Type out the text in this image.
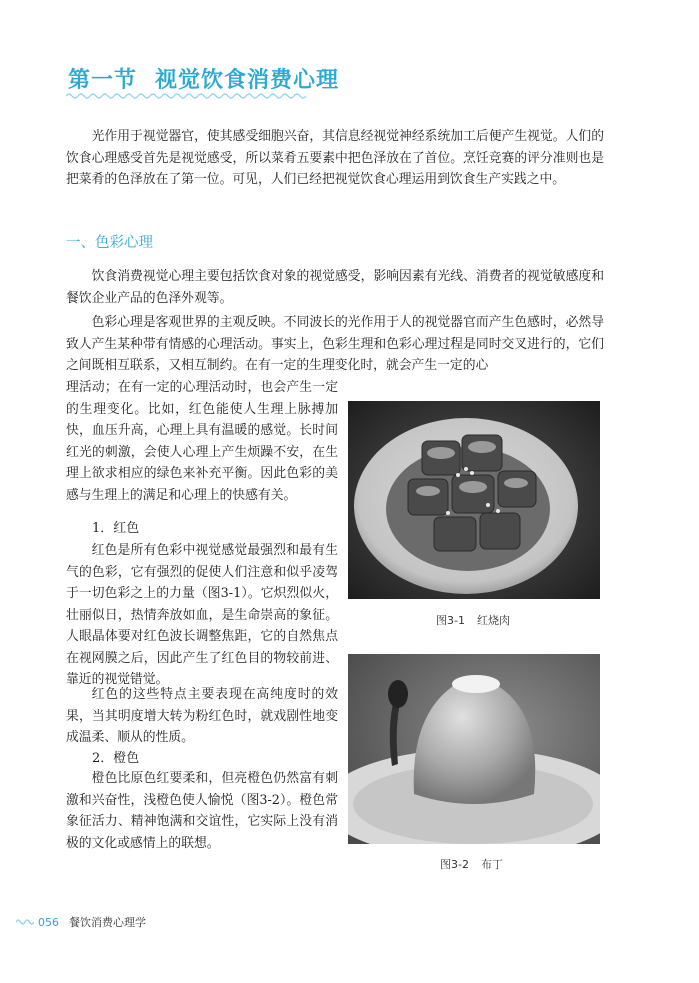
第一节 视觉饮食消费心理

光作用于视觉器官，使其感受细胞兴奋，其信息经视觉神经系统加工后便产生视觉。人们的饮食心理感受首先是视觉感受，所以菜肴五要素中把色泽放在了首位。烹饪竞赛的评分准则也是把菜肴的色泽放在了第一位。可见，人们已经把视觉饮食心理运用到饮食生产实践之中。

一、色彩心理

饮食消费视觉心理主要包括饮食对象的视觉感受，影响因素有光线、消费者的视觉敏感度和餐饮企业产品的色泽外观等。

色彩心理是客观世界的主观反映。不同波长的光作用于人的视觉器官而产生色感时，必然导致人产生某种带有情感的心理活动。事实上，色彩生理和色彩心理过程是同时交叉进行的，它们之间既相互联系，又相互制约。在有一定的生理变化时，就会产生一定的心

理活动；在有一定的心理活动时，也会产生一定的生理变化。比如，红色能使人生理上脉搏加快，血压升高，心理上具有温暖的感觉。长时间红光的刺激，会使人心理上产生烦躁不安，在生理上欲求相应的绿色来补充平衡。因此色彩的美感与生理上的满足和心理上的快感有关。

1．红色

红色是所有色彩中视觉感觉最强烈和最有生气的色彩，它有强烈的促使人们注意和似乎凌驾于一切色彩之上的力量（图3-1）。它炽烈似火，壮丽似日，热情奔放如血，是生命崇高的象征。人眼晶体要对红色波长调整焦距，它的自然焦点在视网膜之后，因此产生了红色目的物较前进、靠近的视觉错觉。

红色的这些特点主要表现在高纯度时的效果，当其明度增大转为粉红色时，就戏剧性地变成温柔、顺从的性质。

2．橙色

橙色比原色红要柔和，但亮橙色仍然富有刺激和兴奋性，浅橙色使人愉悦（图3-2）。橙色常象征活力、精神饱满和交谊性，它实际上没有消极的文化或感情上的联想。

图3-1 红烧肉
图3-2 布丁
056 餐饮消费心理学
